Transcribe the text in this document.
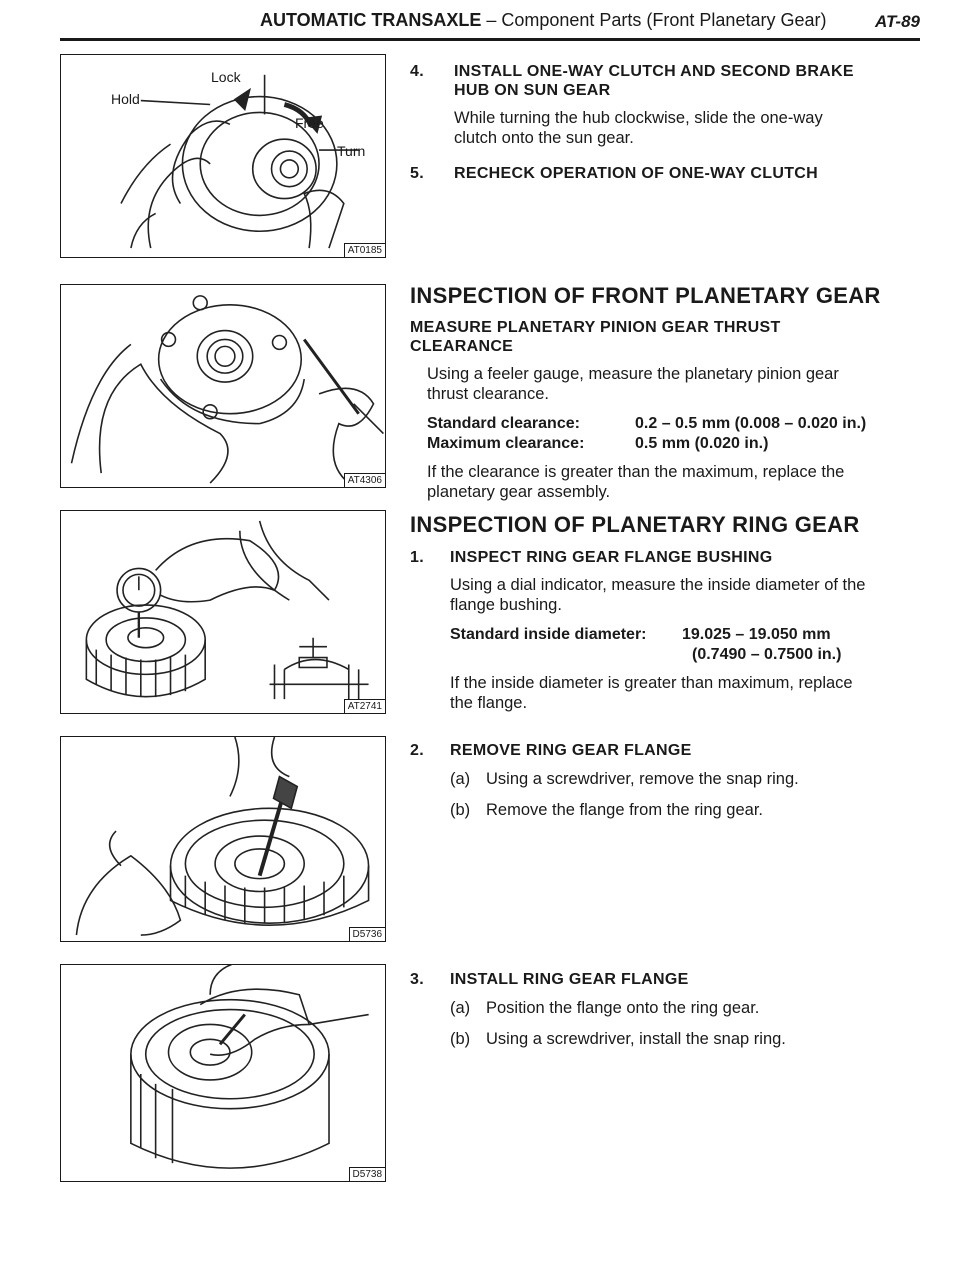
AUTOMATIC TRANSAXLE – Component Parts (Front Planetary Gear)	AT-89
Lock
Hold
Free
Turn
AT0185
AT4306
AT2741
D5736
D5738
4. INSTALL ONE-WAY CLUTCH AND SECOND BRAKE
HUB ON SUN GEAR
While turning the hub clockwise, slide the one-way
clutch onto the sun gear.
5. RECHECK OPERATION OF ONE-WAY CLUTCH
INSPECTION OF FRONT PLANETARY GEAR
MEASURE PLANETARY PINION GEAR THRUST
CLEARANCE
Using a feeler gauge, measure the planetary pinion gear
thrust clearance.
Standard clearance:	0.2 – 0.5 mm (0.008 – 0.020 in.)
Maximum clearance:	0.5 mm (0.020 in.)
If the clearance is greater than the maximum, replace the
planetary gear assembly.
INSPECTION OF PLANETARY RING GEAR
1. INSPECT RING GEAR FLANGE BUSHING
Using a dial indicator, measure the inside diameter of the
flange bushing.
Standard inside diameter: 19.025 – 19.050 mm
(0.7490 – 0.7500 in.)
If the inside diameter is greater than maximum, replace
the flange.
2. REMOVE RING GEAR FLANGE
(a) Using a screwdriver, remove the snap ring.
(b) Remove the flange from the ring gear.
3. INSTALL RING GEAR FLANGE
(a) Position the flange onto the ring gear.
(b) Using a screwdriver, install the snap ring.
